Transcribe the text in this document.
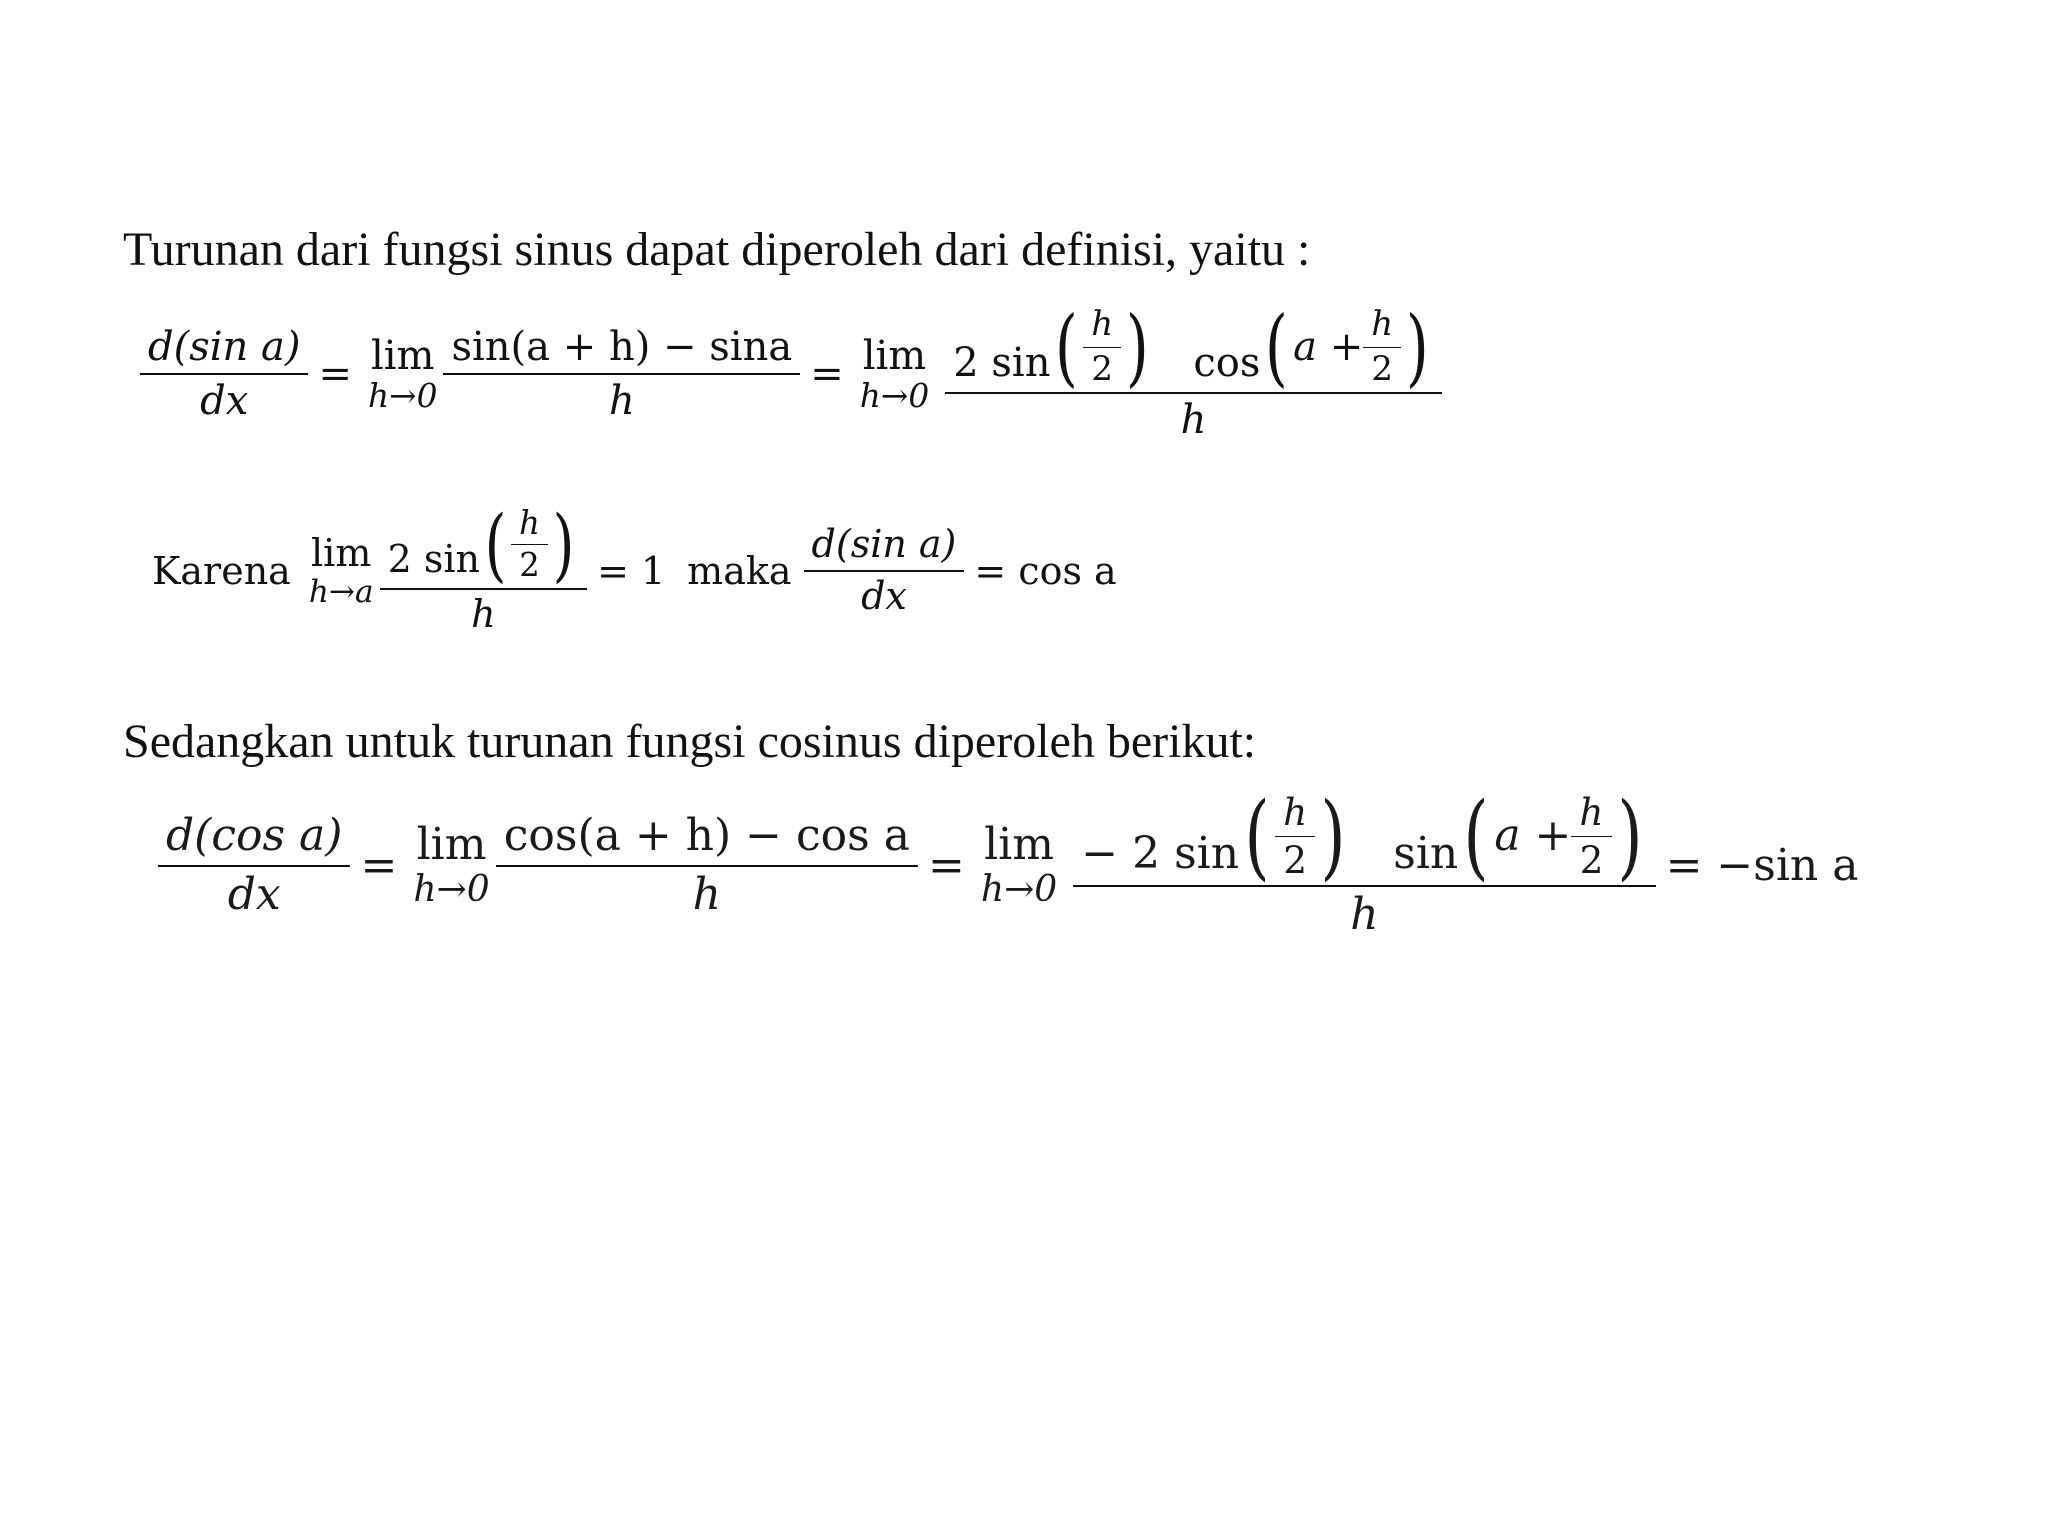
Turunan dari fungsi sinus dapat diperoleh dari definisi, yaitu :
$\frac{\text{d(sin a)}}{dx} = \lim$
$h\to 0 \frac{\sin(a + h) - \sin a}{h} = \lim$
$h\to 0 \frac{2 \sin ( \frac{h}{2} ) \cos ( a + \frac{h}{2} )}{h}$
Karena lim
$h\to a \frac{2 \sin ( \frac{h}{2} )}{h} = 1$ maka $\frac{\text{d(sin a)}}{dx} = \cos a$
Sedangkan untuk turunan fungsi cosinus diperoleh berikut:
$\frac{\text{d(cos a)}}{dx} = \lim$
$h\to 0 \frac{\text{cos(a + h) − cos a}}{h} = \lim$
$h\to 0 \frac{- 2 \sin ( \frac{h}{2} ) \sin ( a + \frac{h}{2} )}{h} = -\sin$ a
